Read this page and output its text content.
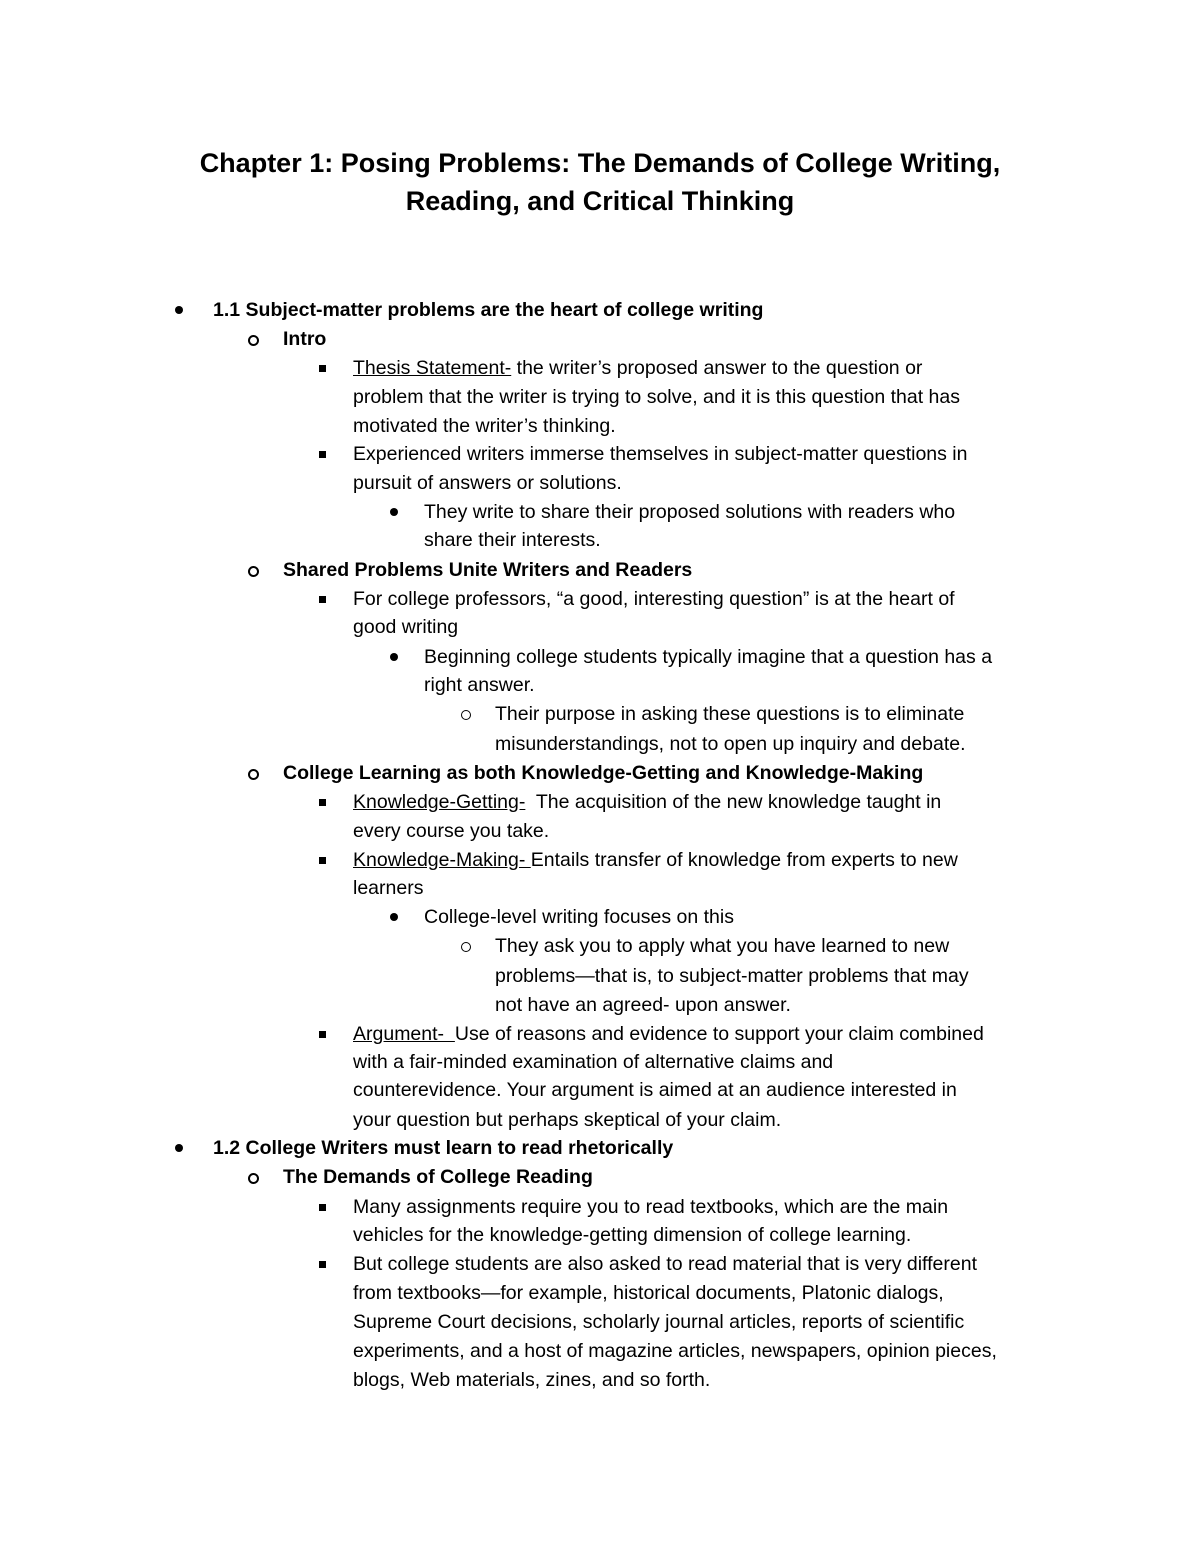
Chapter 1: Posing Problems: The Demands of College Writing,
Reading, and Critical Thinking
1.1 Subject-matter problems are the heart of college writing
Intro
Thesis Statement- the writer’s proposed answer to the question or
problem that the writer is trying to solve, and it is this question that has
motivated the writer’s thinking.
Experienced writers immerse themselves in subject-matter questions in
pursuit of answers or solutions.
They write to share their proposed solutions with readers who
share their interests.
Shared Problems Unite Writers and Readers
For college professors, “a good, interesting question” is at the heart of
good writing
Beginning college students typically imagine that a question has a
right answer.
Their purpose in asking these questions is to eliminate
misunderstandings, not to open up inquiry and debate.
College Learning as both Knowledge-Getting and Knowledge-Making
Knowledge-Getting-  The acquisition of the new knowledge taught in
every course you take.
Knowledge-Making- Entails transfer of knowledge from experts to new
learners
College-level writing focuses on this
They ask you to apply what you have learned to new
problems—that is, to subject-matter problems that may
not have an agreed- upon answer.
Argument-  Use of reasons and evidence to support your claim combined
with a fair-minded examination of alternative claims and
counterevidence. Your argument is aimed at an audience interested in
your question but perhaps skeptical of your claim.
1.2 College Writers must learn to read rhetorically
The Demands of College Reading
Many assignments require you to read textbooks, which are the main
vehicles for the knowledge-getting dimension of college learning.
But college students are also asked to read material that is very different
from textbooks—for example, historical documents, Platonic dialogs,
Supreme Court decisions, scholarly journal articles, reports of scientific
experiments, and a host of magazine articles, newspapers, opinion pieces,
blogs, Web materials, zines, and so forth.
